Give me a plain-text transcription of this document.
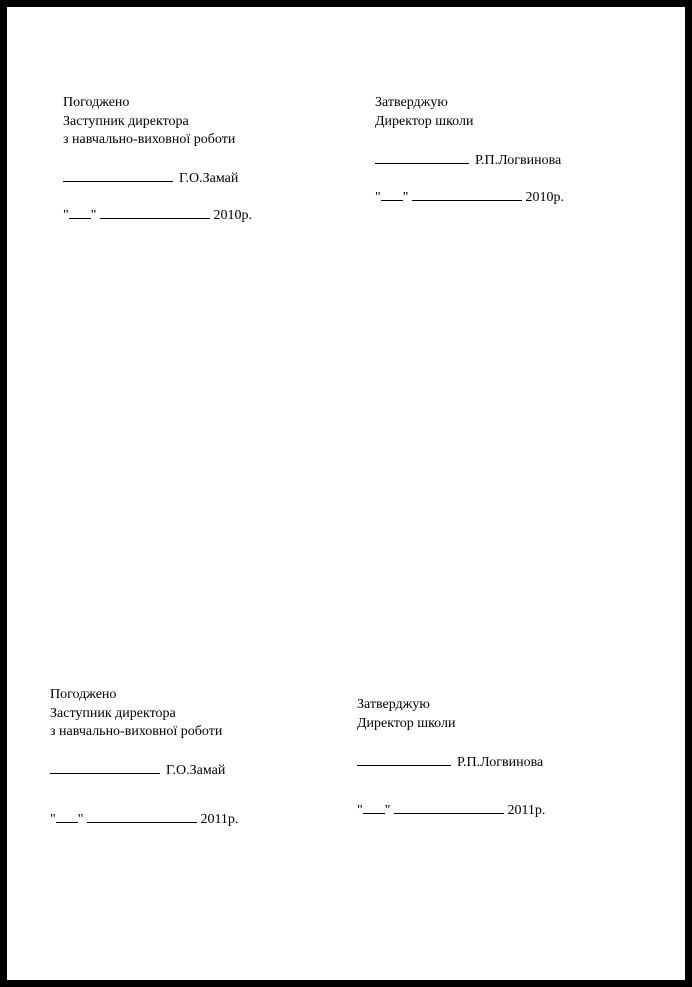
Погоджено
Заступник директора
з навчально-виховної роботи
Г.О.Замай
" "	2010р.
Затверджую
Директор школи
Р.П.Логвинова
" "	2010р.
Погоджено
Заступник директора
з навчально-виховної роботи
Г.О.Замай
" "	2011р.
Затверджую
Директор школи
Р.П.Логвинова
" "	2011р.
